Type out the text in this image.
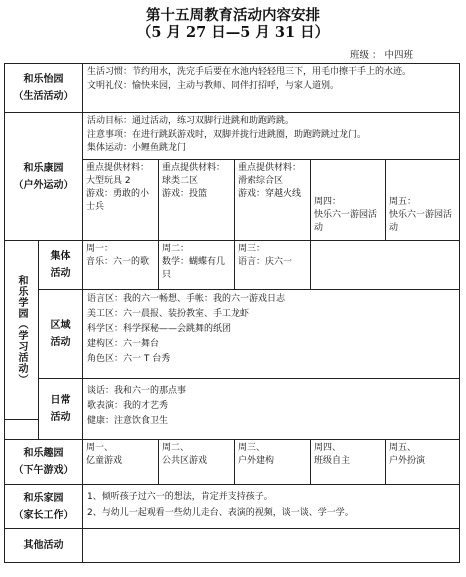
第十五周教育活动内容安排
（5 月 27 日—5 月 31 日）
班级 ： 中四班
和乐怡园
（生活活动）
生活习惯：节约用水，洗完手后要在水池内轻轻甩三下，用毛巾擦干手上的水迹。
文明礼仪：愉快来园，主动与教师、同伴打招呼，与家人道别。
和乐康园
（户外运动）
活动目标：通过活动，练习双脚行进跳和助跑跨跳。
注意事项：在进行跳跃游戏时，双脚并拢行进跳圈，助跑跨跳过龙门。
集体运动：小鲤鱼跳龙门
重点提供材料：大型玩具 2
游戏：勇敢的小士兵
重点提供材料：球类二区
游戏：投篮
重点提供材料：滑索综合区
游戏：穿越火线
周四：
快乐六一游园活动
周五：
快乐六一游园活动
和乐学园（学习活动）
集体活动
周一：
音乐：六一的歌
周二：
数学：蝴蝶有几只
周三：
语言：庆六一
区域活动
语言区：我的六一畅想、手帐：我的六一游戏日志
美工区：六一晨报、装扮教室、手工龙虾
科学区：科学探秘——会跳舞的纸团
建构区：六一舞台
角色区：六一 T 台秀
日常活动
谈话：我和六一的那点事
歌表演：我的才艺秀
健康：注意饮食卫生
和乐趣园
（下午游戏）
周一、
亿童游戏
周二、
公共区游戏
周三、
户外建构
周四、
班级自主
周五、
户外扮演
和乐家园
（家长工作）
1、倾听孩子过六一的想法，肯定并支持孩子。
2、与幼儿一起观看一些幼儿走台、表演的视频，谈一谈、学一学。
其他活动
